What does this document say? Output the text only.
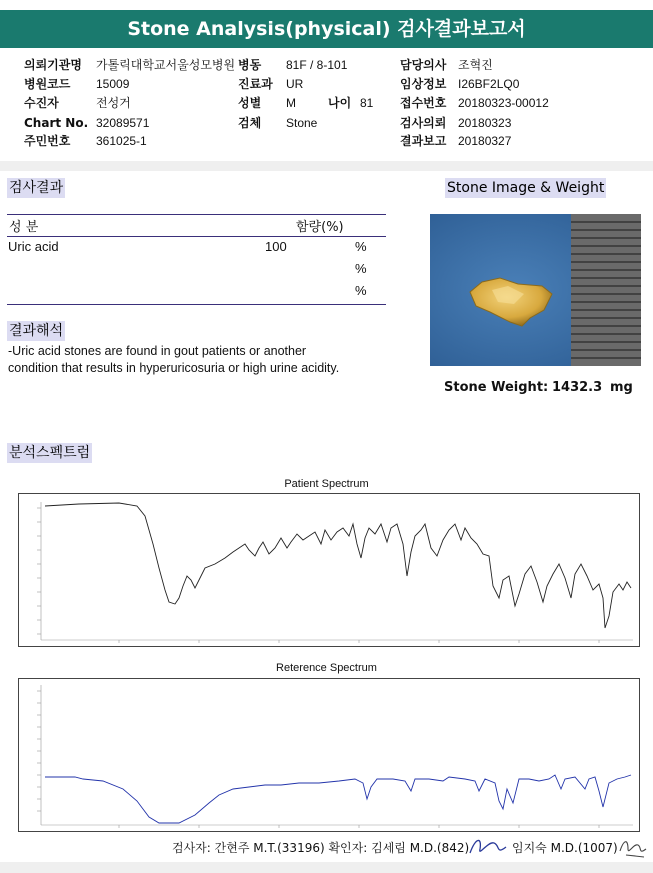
Stone Analysis(physical) 검사결과보고서
의뢰기관명 가톨릭대학교서울성모병원
병원코드 15009
수진자	전성거
Chart No. 32089571
주민번호 361025-1
병동 81F / 8-101
진료과 UR
성별 M	나이 81
검체 Stone
담당의사 조혁진
임상정보 I26BF2LQ0
접수번호 20180323-00012
검사의뢰 20180323
결과보고 20180327
검사결과	Stone Image & Weight
성 분	함량(%)
Uric acid	100	%
%
%
Stone Weight: 1432.3 mg
결과해석
-Uric acid stones are found in gout patients or another
condition that results in hyperuricosuria or high urine acidity.
분석스펙트럼
Patient Spectrum
Reterence Spectrum
검사자: 간현주 M.T.(33196) 확인자: 김세림 M.D.(842)	임지숙 M.D.(1007)
